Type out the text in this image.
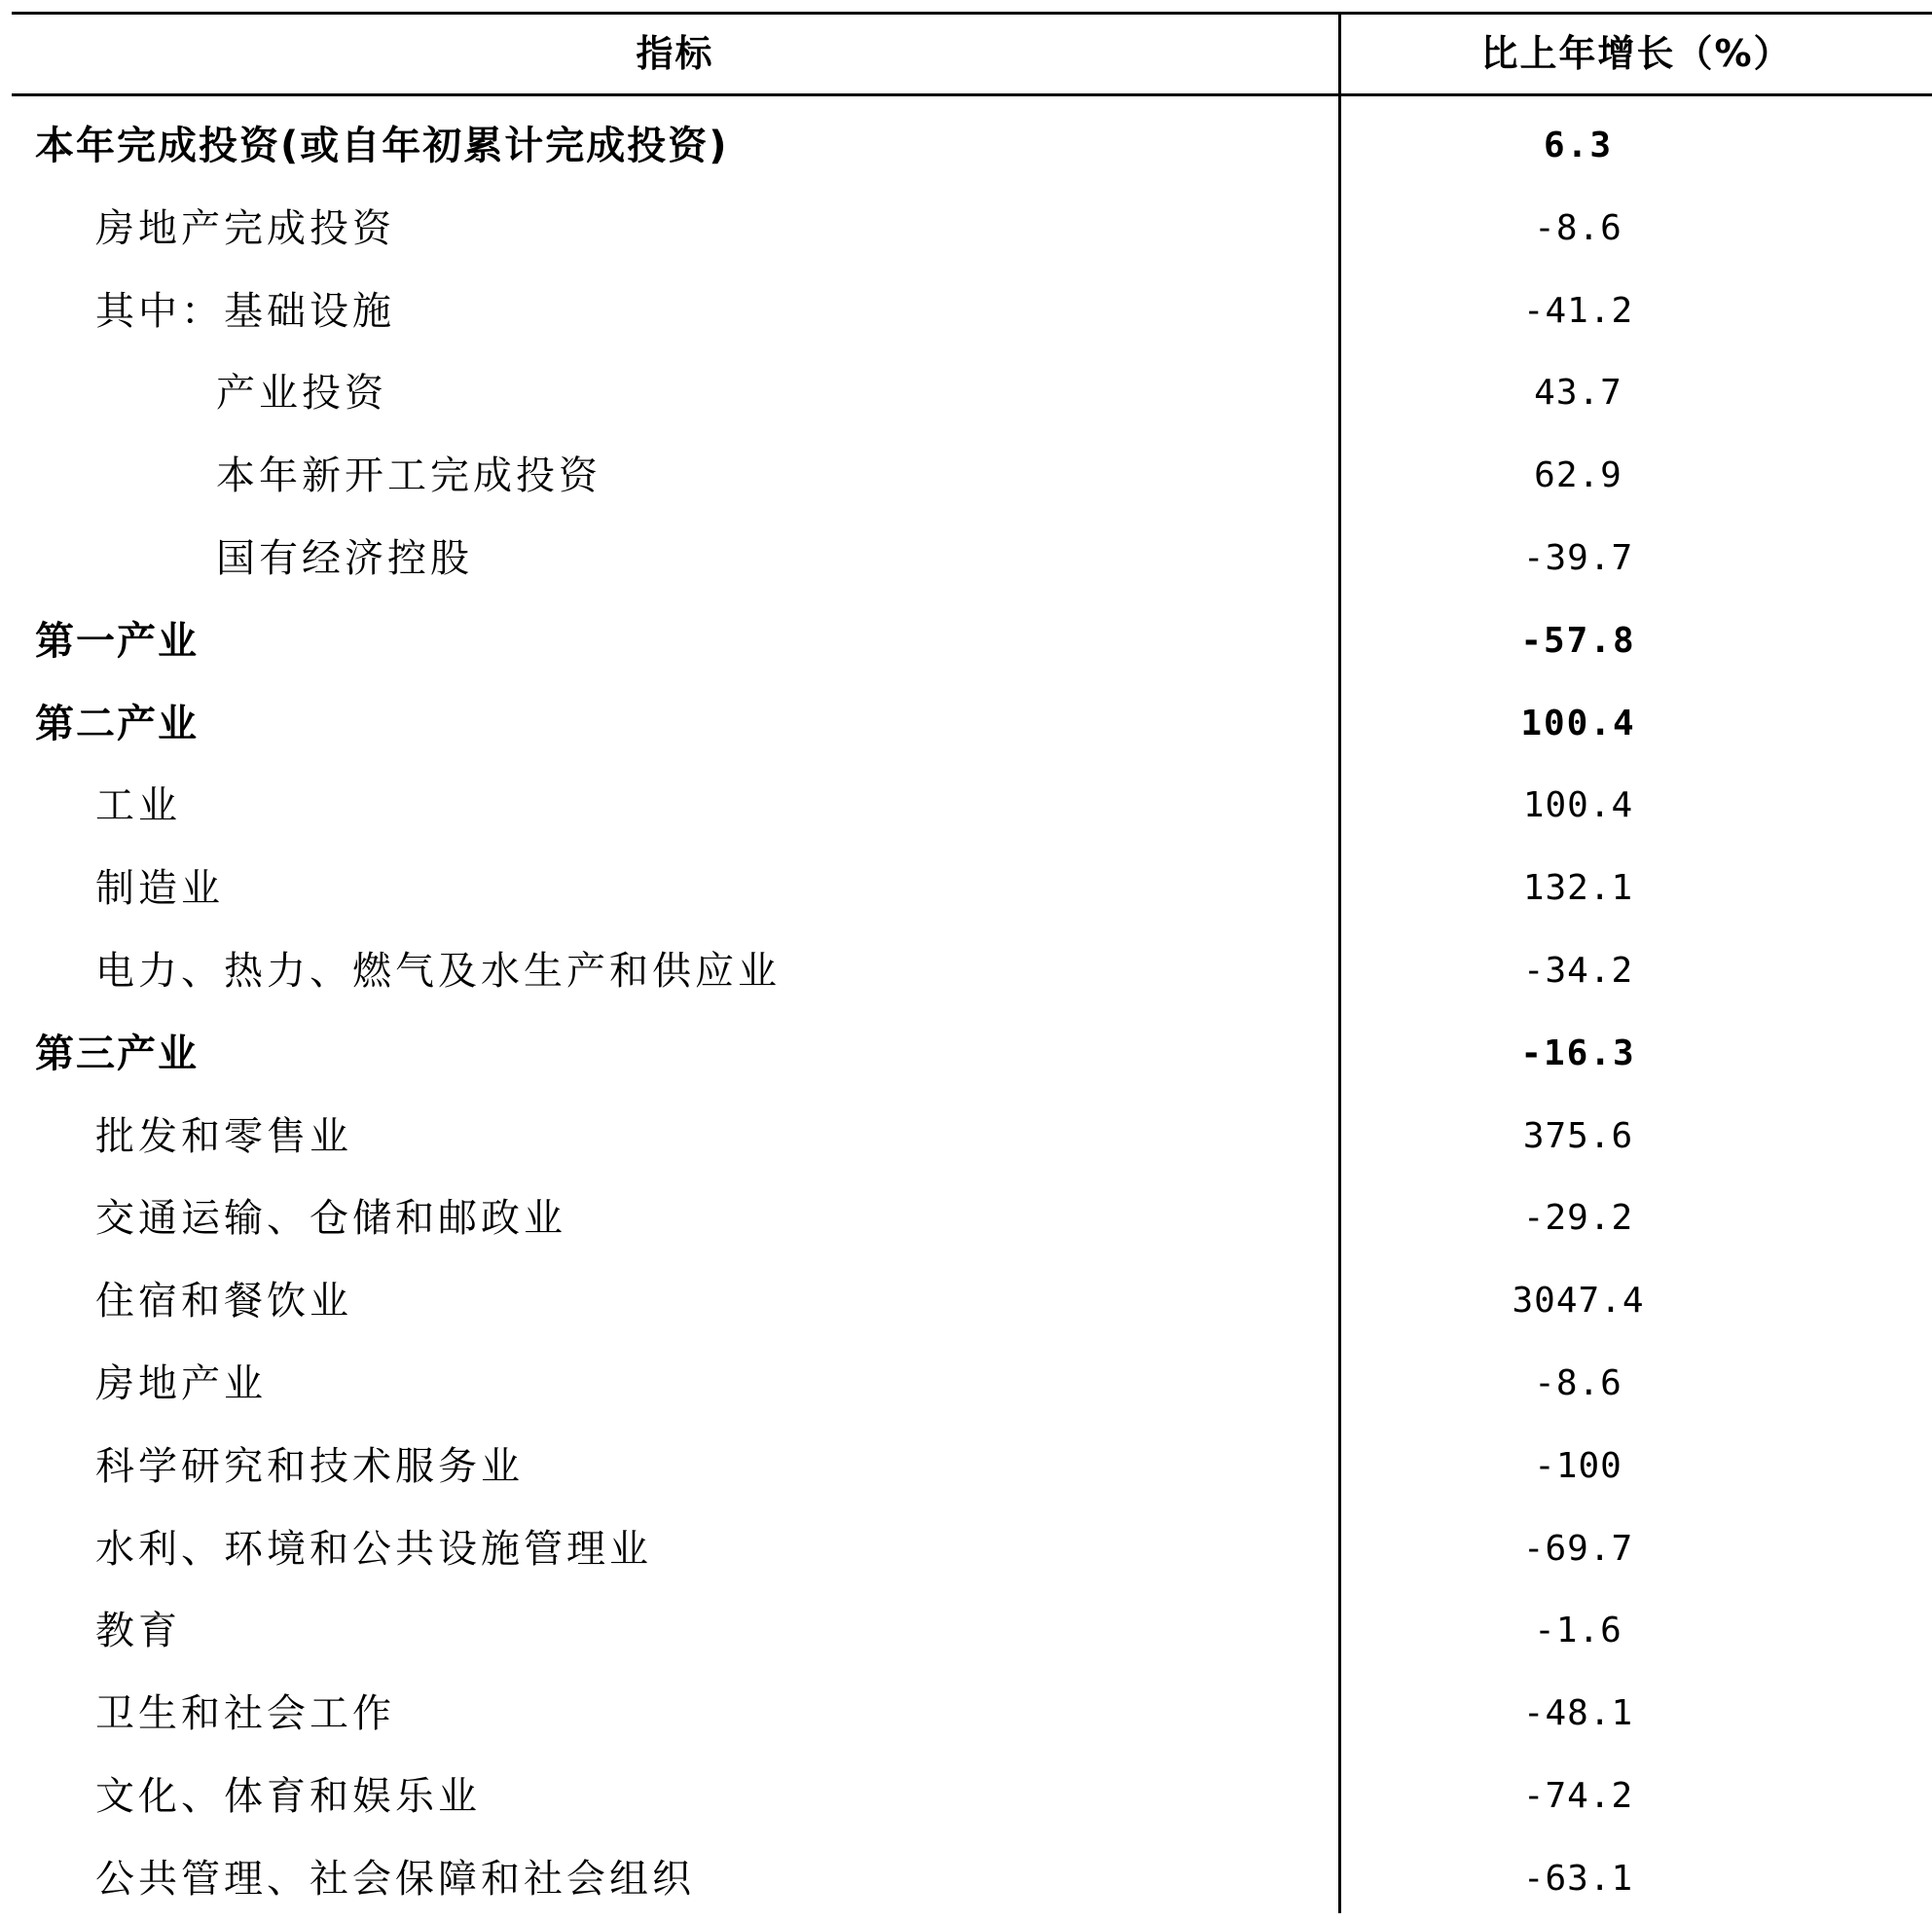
指标	比上年增长（%）
本年完成投资(或自年初累计完成投资)	6.3
房地产完成投资	-8.6
其中：基础设施	-41.2
产业投资	43.7
本年新开工完成投资	62.9
国有经济控股	-39.7
第一产业	-57.8
第二产业	100.4
工业	100.4
制造业	132.1
电力、热力、燃气及水生产和供应业	-34.2
第三产业	-16.3
批发和零售业	375.6
交通运输、仓储和邮政业	-29.2
住宿和餐饮业	3047.4
房地产业	-8.6
科学研究和技术服务业	-100
水利、环境和公共设施管理业	-69.7
教育	-1.6
卫生和社会工作	-48.1
文化、体育和娱乐业	-74.2
公共管理、社会保障和社会组织	-63.1
